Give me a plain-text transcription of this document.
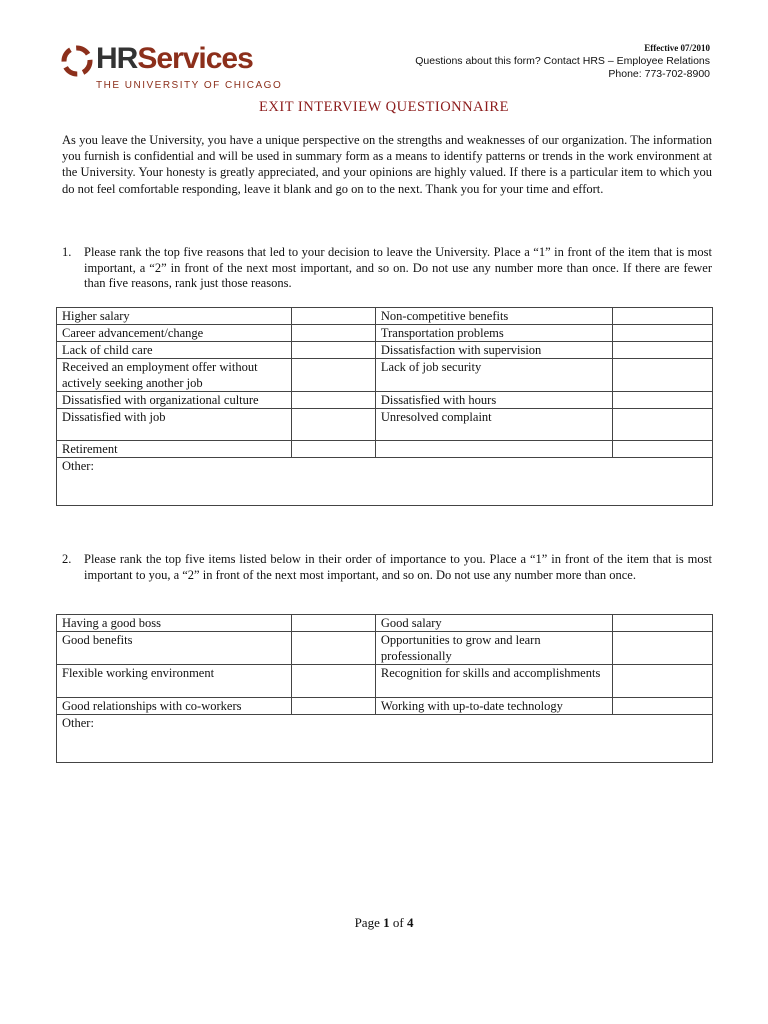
HRServices
THE UNIVERSITY OF CHICAGO
Effective 07/2010
Questions about this form? Contact HRS – Employee Relations
Phone: 773-702-8900
EXIT INTERVIEW QUESTIONNAIRE

As you leave the University, you have a unique perspective on the strengths and weaknesses of our organization. The information you furnish is confidential and will be used in summary form as a means to identify patterns or trends in the work environment at the University. Your honesty is greatly appreciated, and your opinions are highly valued. If there is a particular item to which you do not feel comfortable responding, leave it blank and go on to the next. Thank you for your time and effort.

1. Please rank the top five reasons that led to your decision to leave the University. Place a “1” in front of the item that is most important, a “2” in front of the next most important, and so on. Do not use any number more than once. If there are fewer than five reasons, rank just those reasons.
Higher salary		Non-competitive benefits	
Career advancement/change		Transportation problems	
Lack of child care		Dissatisfaction with supervision	
Received an employment offer without actively seeking another job		Lack of job security	
Dissatisfied with organizational culture		Dissatisfied with hours	
Dissatisfied with job		Unresolved complaint	
Retirement			
Other:			
2. Please rank the top five items listed below in their order of importance to you. Place a “1” in front of the item that is most important to you, a “2” in front of the next most important, and so on. Do not use any number more than once.
Having a good boss		Good salary	
Good benefits		Opportunities to grow and learn professionally	
Flexible working environment		Recognition for skills and accomplishments	
Good relationships with co-workers		Working with up-to-date technology	
Other:			
Page 1 of 4
